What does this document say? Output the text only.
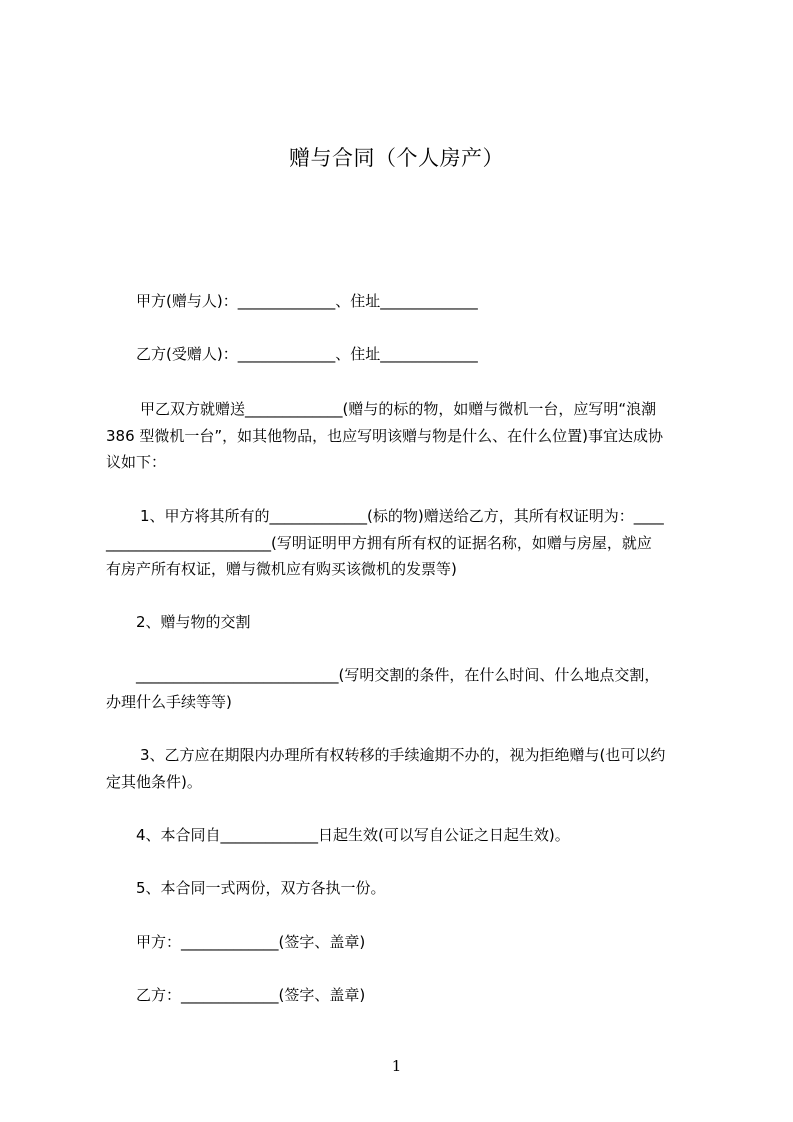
赠与合同（个人房产）
甲方(赠与人)：_____________、住址_____________
乙方(受赠人)：_____________、住址_____________
甲乙双方就赠送_____________(赠与的标的物，如赠与微机一台，应写明“浪潮
386 型微机一台”，如其他物品，也应写明该赠与物是什么、在什么位置)事宜达成协
议如下：
1、甲方将其所有的_____________(标的物)赠送给乙方，其所有权证明为：____
______________________(写明证明甲方拥有所有权的证据名称，如赠与房屋，就应
有房产所有权证，赠与微机应有购买该微机的发票等)
2、赠与物的交割
___________________________(写明交割的条件，在什么时间、什么地点交割，
办理什么手续等等)
3、乙方应在期限内办理所有权转移的手续逾期不办的，视为拒绝赠与(也可以约
定其他条件)。
4、本合同自_____________日起生效(可以写自公证之日起生效)。
5、本合同一式两份，双方各执一份。
甲方：_____________(签字、盖章)
乙方：_____________(签字、盖章)
1
